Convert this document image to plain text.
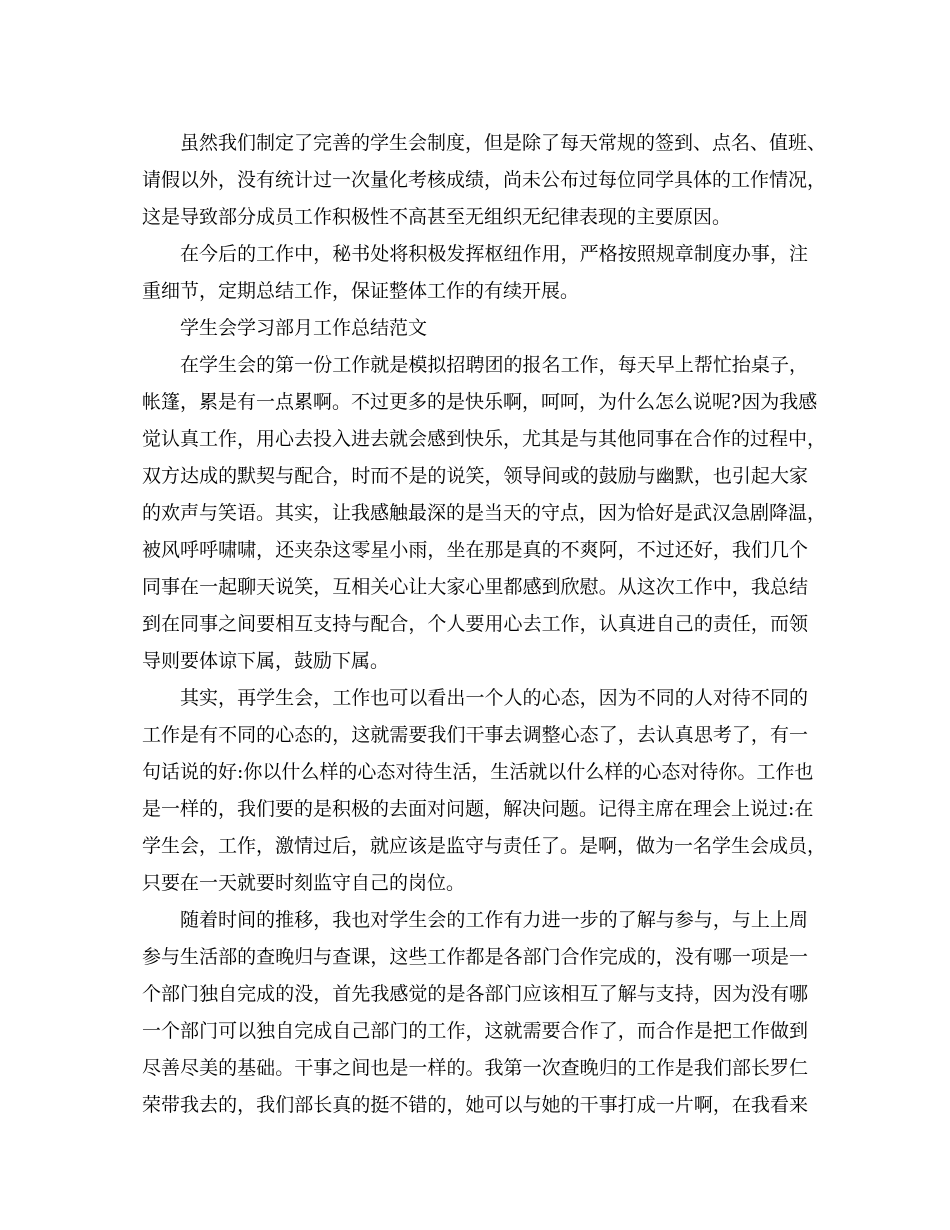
虽然我们制定了完善的学生会制度，但是除了每天常规的签到、点名、值班、
请假以外，没有统计过一次量化考核成绩，尚未公布过每位同学具体的工作情况，
这是导致部分成员工作积极性不高甚至无组织无纪律表现的主要原因。
在今后的工作中，秘书处将积极发挥枢纽作用，严格按照规章制度办事，注
重细节，定期总结工作，保证整体工作的有续开展。
学生会学习部月工作总结范文
在学生会的第一份工作就是模拟招聘团的报名工作，每天早上帮忙抬桌子，
帐篷，累是有一点累啊。不过更多的是快乐啊，呵呵，为什么怎么说呢?因为我感
觉认真工作，用心去投入进去就会感到快乐，尤其是与其他同事在合作的过程中，
双方达成的默契与配合，时而不是的说笑，领导间或的鼓励与幽默，也引起大家
的欢声与笑语。其实，让我感触最深的是当天的守点，因为恰好是武汉急剧降温，
被风呼呼啸啸，还夹杂这零星小雨，坐在那是真的不爽阿，不过还好，我们几个
同事在一起聊天说笑，互相关心让大家心里都感到欣慰。从这次工作中，我总结
到在同事之间要相互支持与配合，个人要用心去工作，认真进自己的责任，而领
导则要体谅下属，鼓励下属。
其实，再学生会，工作也可以看出一个人的心态，因为不同的人对待不同的
工作是有不同的心态的，这就需要我们干事去调整心态了，去认真思考了，有一
句话说的好:你以什么样的心态对待生活，生活就以什么样的心态对待你。工作也
是一样的，我们要的是积极的去面对问题，解决问题。记得主席在理会上说过:在
学生会，工作，激情过后，就应该是监守与责任了。是啊，做为一名学生会成员，
只要在一天就要时刻监守自己的岗位。
随着时间的推移，我也对学生会的工作有力进一步的了解与参与，与上上周
参与生活部的查晚归与查课，这些工作都是各部门合作完成的，没有哪一项是一
个部门独自完成的没，首先我感觉的是各部门应该相互了解与支持，因为没有哪
一个部门可以独自完成自己部门的工作，这就需要合作了，而合作是把工作做到
尽善尽美的基础。干事之间也是一样的。我第一次查晚归的工作是我们部长罗仁
荣带我去的，我们部长真的挺不错的，她可以与她的干事打成一片啊，在我看来
